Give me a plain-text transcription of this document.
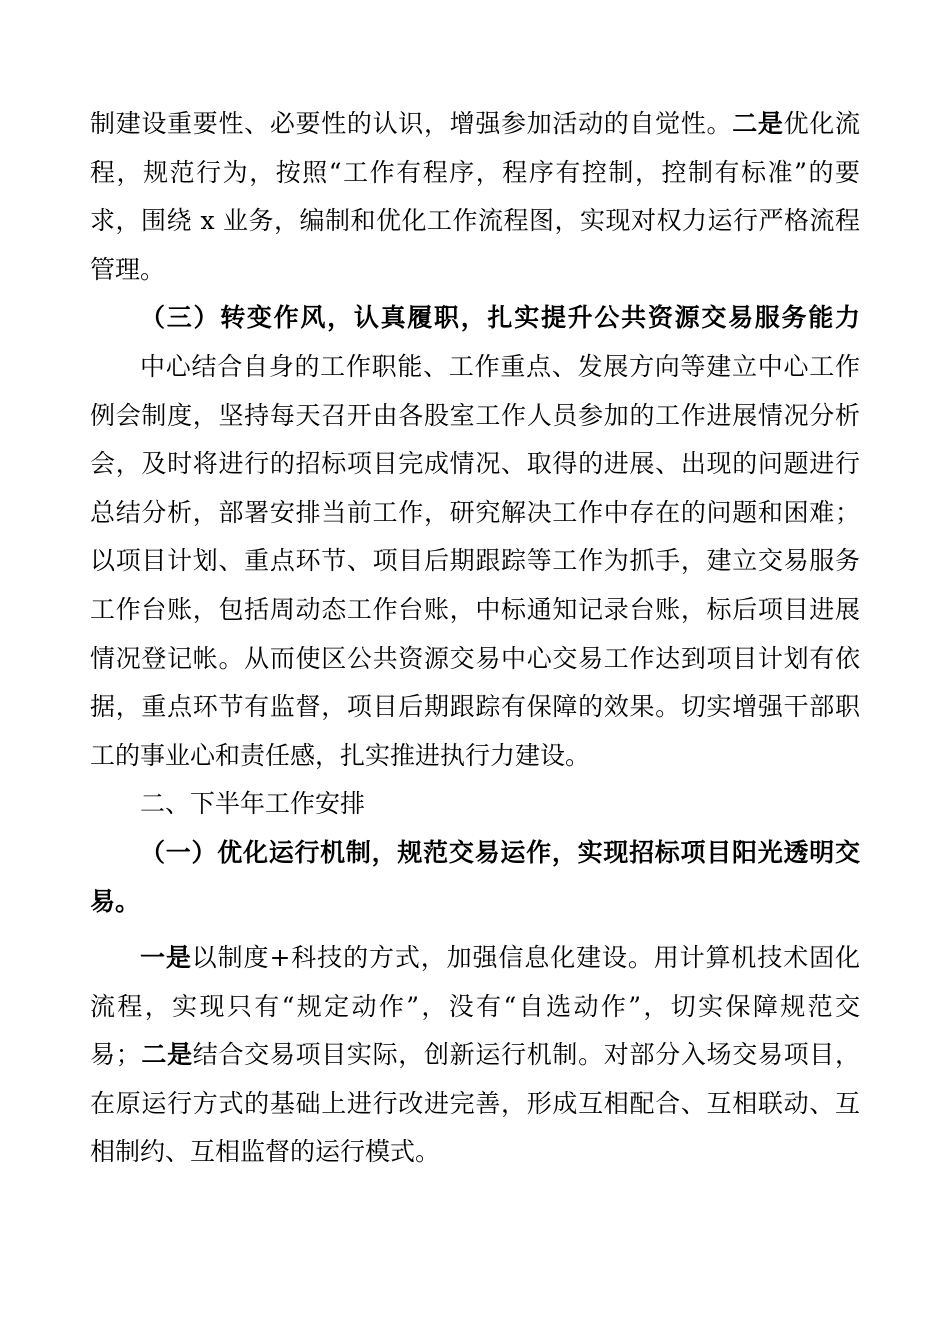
制建设重要性、必要性的认识，增强参加活动的自觉性。二是优化流
程，规范行为，按照“工作有程序，程序有控制，控制有标准”的要
求，围绕 x 业务，编制和优化工作流程图，实现对权力运行严格流程
管理。
（三）转变作风，认真履职，扎实提升公共资源交易服务能力
中心结合自身的工作职能、工作重点、发展方向等建立中心工作
例会制度，坚持每天召开由各股室工作人员参加的工作进展情况分析
会，及时将进行的招标项目完成情况、取得的进展、出现的问题进行
总结分析，部署安排当前工作，研究解决工作中存在的问题和困难；
以项目计划、重点环节、项目后期跟踪等工作为抓手，建立交易服务
工作台账，包括周动态工作台账，中标通知记录台账，标后项目进展
情况登记帐。从而使区公共资源交易中心交易工作达到项目计划有依
据，重点环节有监督，项目后期跟踪有保障的效果。切实增强干部职
工的事业心和责任感，扎实推进执行力建设。
二、下半年工作安排
（一）优化运行机制，规范交易运作，实现招标项目阳光透明交
易。
一是以制度+科技的方式，加强信息化建设。用计算机技术固化
流程，实现只有“规定动作”，没有“自选动作”，切实保障规范交
易；二是结合交易项目实际，创新运行机制。对部分入场交易项目，
在原运行方式的基础上进行改进完善，形成互相配合、互相联动、互
相制约、互相监督的运行模式。
